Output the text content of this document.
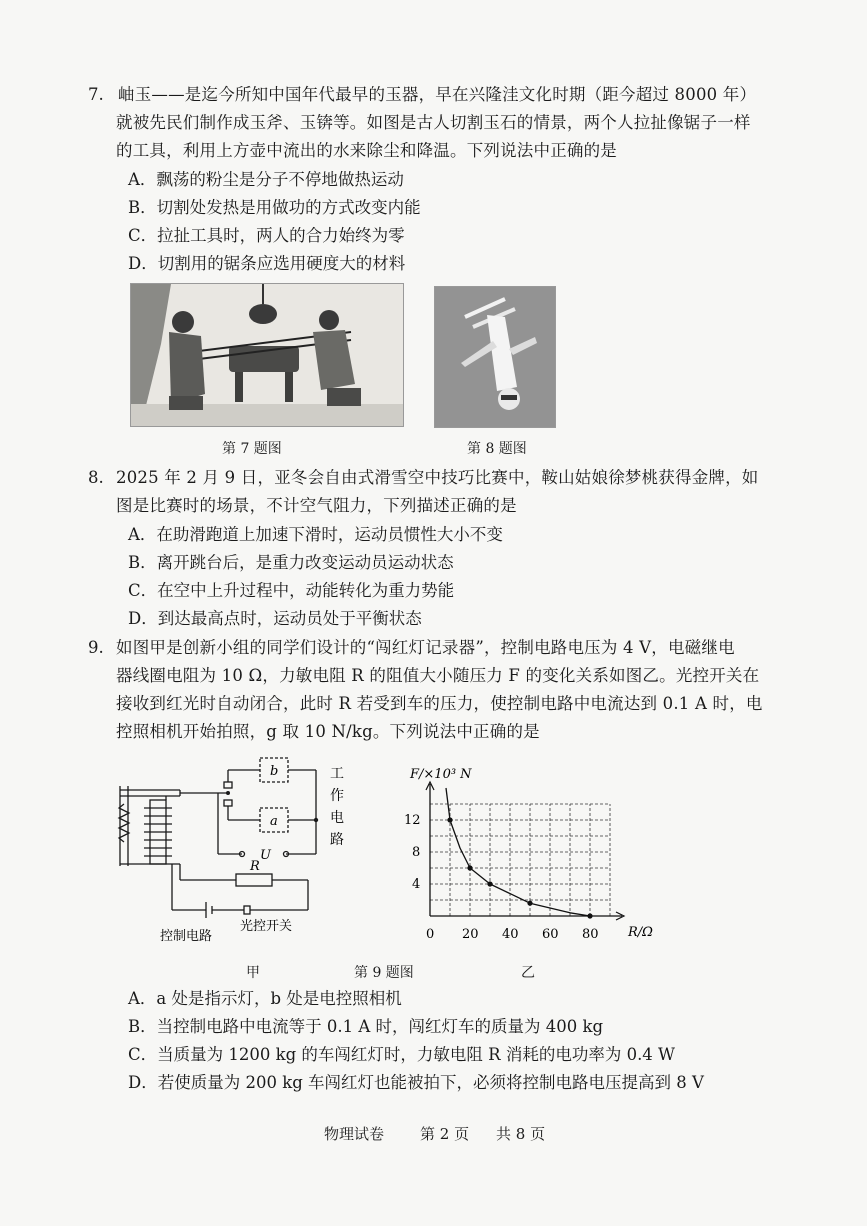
7. 岫玉——是迄今所知中国年代最早的玉器，早在兴隆洼文化时期（距今超过 8000 年）
就被先民们制作成玉斧、玉锛等。如图是古人切割玉石的情景，两个人拉扯像锯子一样
的工具，利用上方壶中流出的水来除尘和降温。下列说法中正确的是
A．飘荡的粉尘是分子不停地做热运动
B．切割处发热是用做功的方式改变内能
C．拉扯工具时，两人的合力始终为零
D．切割用的锯条应选用硬度大的材料
第 7 题图	第 8 题图
8. 2025 年 2 月 9 日，亚冬会自由式滑雪空中技巧比赛中，鞍山姑娘徐梦桃获得金牌，如
图是比赛时的场景，不计空气阻力，下列描述正确的是
A．在助滑跑道上加速下滑时，运动员惯性大小不变
B．离开跳台后，是重力改变运动员运动状态
C．在空中上升过程中，动能转化为重力势能
D．到达最高点时，运动员处于平衡状态
9. 如图甲是创新小组的同学们设计的“闯红灯记录器”，控制电路电压为 4 V，电磁继电
器线圈电阻为 10 Ω，力敏电阻 R 的阻值大小随压力 F 的变化关系如图乙。光控开关在
接收到红光时自动闭合，此时 R 若受到车的压力，使控制电路中电流达到 0.1 A 时，电
控照相机开始拍照，g 取 10 N/kg。下列说法中正确的是
b
a
U
R
工
作
电
路
光控开关
控制电路	0 20 40 60 80
4
8
12
F/×10³ N
R/Ω
甲	第 9 题图	乙
A．a 处是指示灯，b 处是电控照相机
B．当控制电路中电流等于 0.1 A 时，闯红灯车的质量为 400 kg
C．当质量为 1200 kg 的车闯红灯时，力敏电阻 R 消耗的电功率为 0.4 W
D．若使质量为 200 kg 车闯红灯也能被拍下，必须将控制电路电压提高到 8 V
物理试卷 第 2 页 共 8 页
